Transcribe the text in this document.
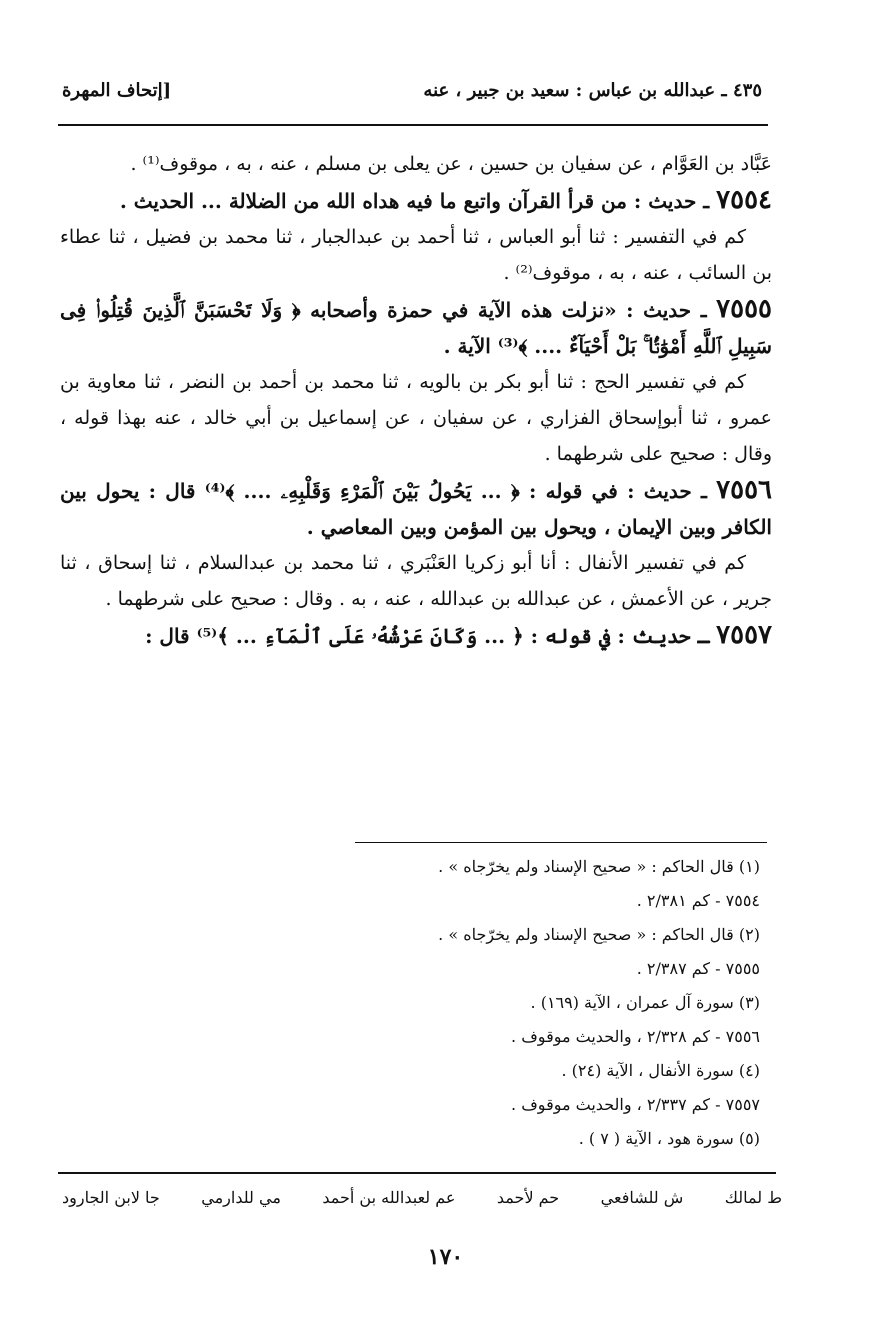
٤٣٥ ـ عبدالله بن عباس : سعيد بن جبير ، عنه
[إتحاف المهرة

عَبَّاد بن العَوَّام ، عن سفيان بن حسين ، عن يعلى بن مسلم ، عنه ، به ، موقوف⁽¹⁾ .

٧٥٥٤ ـ حديث : من قرأ القرآن واتبع ما فيه هداه الله من الضلالة ... الحديث .

كم في التفسير : ثنا أبو العباس ، ثنا أحمد بن عبدالجبار ، ثنا محمد بن فضيل ، ثنا عطاء بن السائب ، عنه ، به ، موقوف⁽²⁾ .

٧٥٥٥ ـ حديث : «نزلت هذه الآية في حمزة وأصحابه ﴿ وَلَا تَحْسَبَنَّ ٱلَّذِينَ قُتِلُوا۟ فِى سَبِيلِ ٱللَّهِ أَمْوَٰتًۢا ۚ بَلْ أَحْيَآءٌ .... ﴾⁽³⁾ الآية .

كم في تفسير الحج : ثنا أبو بكر بن بالويه ، ثنا محمد بن أحمد بن النضر ، ثنا معاوية بن عمرو ، ثنا أبوإسحاق الفزاري ، عن سفيان ، عن إسماعيل بن أبي خالد ، عنه بهذا قوله ، وقال : صحيح على شرطهما .

٧٥٥٦ ـ حديث : في قوله : ﴿ ... يَحُولُ بَيْنَ ٱلْمَرْءِ وَقَلْبِهِۦ .... ﴾⁽⁴⁾ قال : يحول بين الكافر وبين الإيمان ، ويحول بين المؤمن وبين المعاصي .

كم في تفسير الأنفال : أنا أبو زكريا العَنْبَري ، ثنا محمد بن عبدالسلام ، ثنا إسحاق ، ثنا جرير ، عن الأعمش ، عن عبدالله بن عبدالله ، عنه ، به . وقال : صحيح على شرطهما .

٧٥٥٧ ـ حديث : في قوله : ﴿ ... وَكَانَ عَرْشُهُۥ عَلَى ٱلْمَآءِ ... ﴾⁽⁵⁾ قال :

(١) قال الحاكم : « صحيح الإسناد ولم يخرّجاه » .

٧٥٥٤ - كم ٢/٣٨١ .

(٢) قال الحاكم : « صحيح الإسناد ولم يخرّجاه » .

٧٥٥٥ - كم ٢/٣٨٧ .

(٣) سورة آل عمران ، الآية (١٦٩) .

٧٥٥٦ - كم ٢/٣٢٨ ، والحديث موقوف .

(٤) سورة الأنفال ، الآية (٢٤) .

٧٥٥٧ - كم ٢/٣٣٧ ، والحديث موقوف .

(٥) سورة هود ، الآية ( ٧ ) .

ط لمالك
ش للشافعي
حم لأحمد
عم لعبدالله بن أحمد
مي للدارمي
جا لابن الجارود
١٧٠
